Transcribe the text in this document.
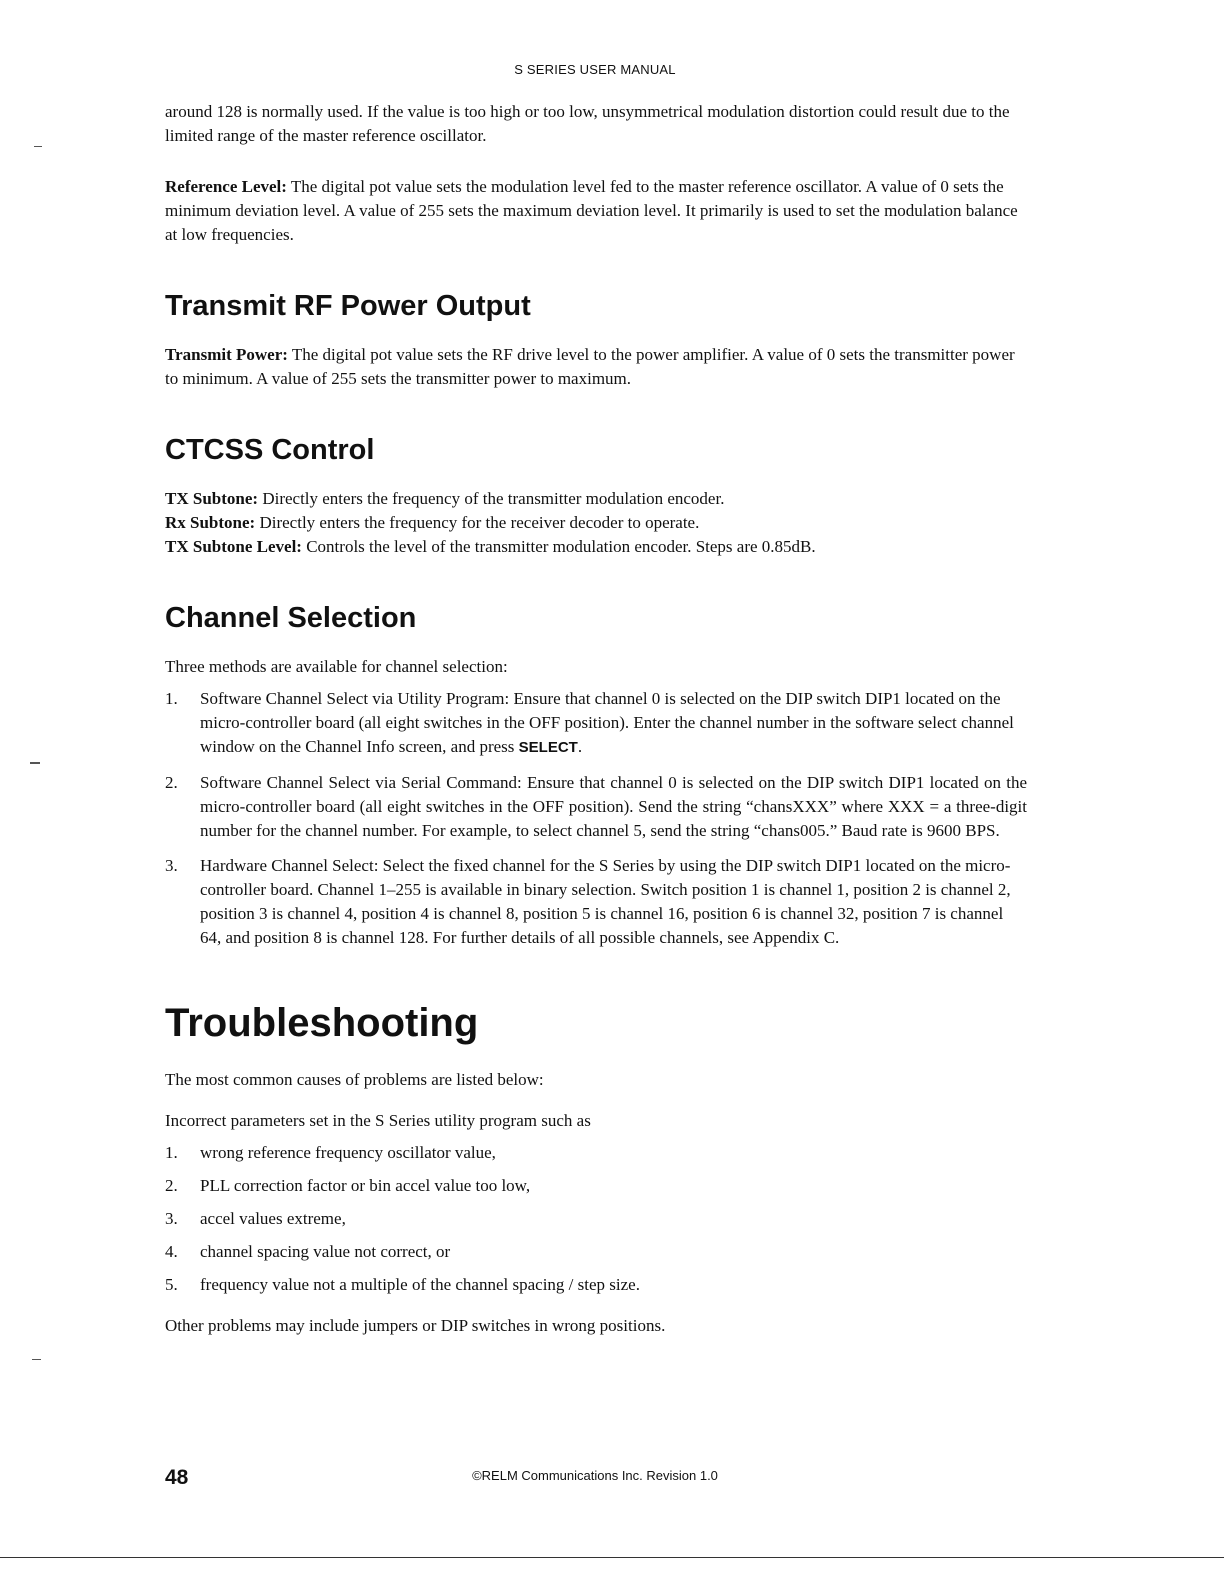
S SERIES USER MANUAL

around 128 is normally used. If the value is too high or too low, unsymmetrical modulation distortion could result due to the limited range of the master reference oscillator.

Reference Level: The digital pot value sets the modulation level fed to the master reference oscillator. A value of 0 sets the minimum deviation level. A value of 255 sets the maximum deviation level. It primarily is used to set the modulation balance at low frequencies.

Transmit RF Power Output

Transmit Power: The digital pot value sets the RF drive level to the power amplifier. A value of 0 sets the transmitter power to minimum. A value of 255 sets the transmitter power to maximum.

CTCSS Control

TX Subtone: Directly enters the frequency of the transmitter modulation encoder.

Rx Subtone: Directly enters the frequency for the receiver decoder to operate.

TX Subtone Level: Controls the level of the transmitter modulation encoder. Steps are 0.85dB.

Channel Selection

Three methods are available for channel selection:

1. Software Channel Select via Utility Program: Ensure that channel 0 is selected on the DIP switch DIP1 located on the micro-controller board (all eight switches in the OFF position). Enter the channel number in the software select channel window on the Channel Info screen, and press SELECT.
2. Software Channel Select via Serial Command: Ensure that channel 0 is selected on the DIP switch DIP1 located on the micro-controller board (all eight switches in the OFF position). Send the string “chansXXX” where XXX = a three-digit number for the channel number. For example, to select channel 5, send the string “chans005.” Baud rate is 9600 BPS.
3. Hardware Channel Select: Select the fixed channel for the S Series by using the DIP switch DIP1 located on the micro-controller board. Channel 1–255 is available in binary selection. Switch position 1 is channel 1, position 2 is channel 2, position 3 is channel 4, position 4 is channel 8, position 5 is channel 16, position 6 is channel 32, position 7 is channel 64, and position 8 is channel 128. For further details of all possible channels, see Appendix C.
Troubleshooting

The most common causes of problems are listed below:

Incorrect parameters set in the S Series utility program such as

1. wrong reference frequency oscillator value,
2. PLL correction factor or bin accel value too low,
3. accel values extreme,
4. channel spacing value not correct, or
5. frequency value not a multiple of the channel spacing / step size.

Other problems may include jumpers or DIP switches in wrong positions.

48	©RELM Communications Inc. Revision 1.0
